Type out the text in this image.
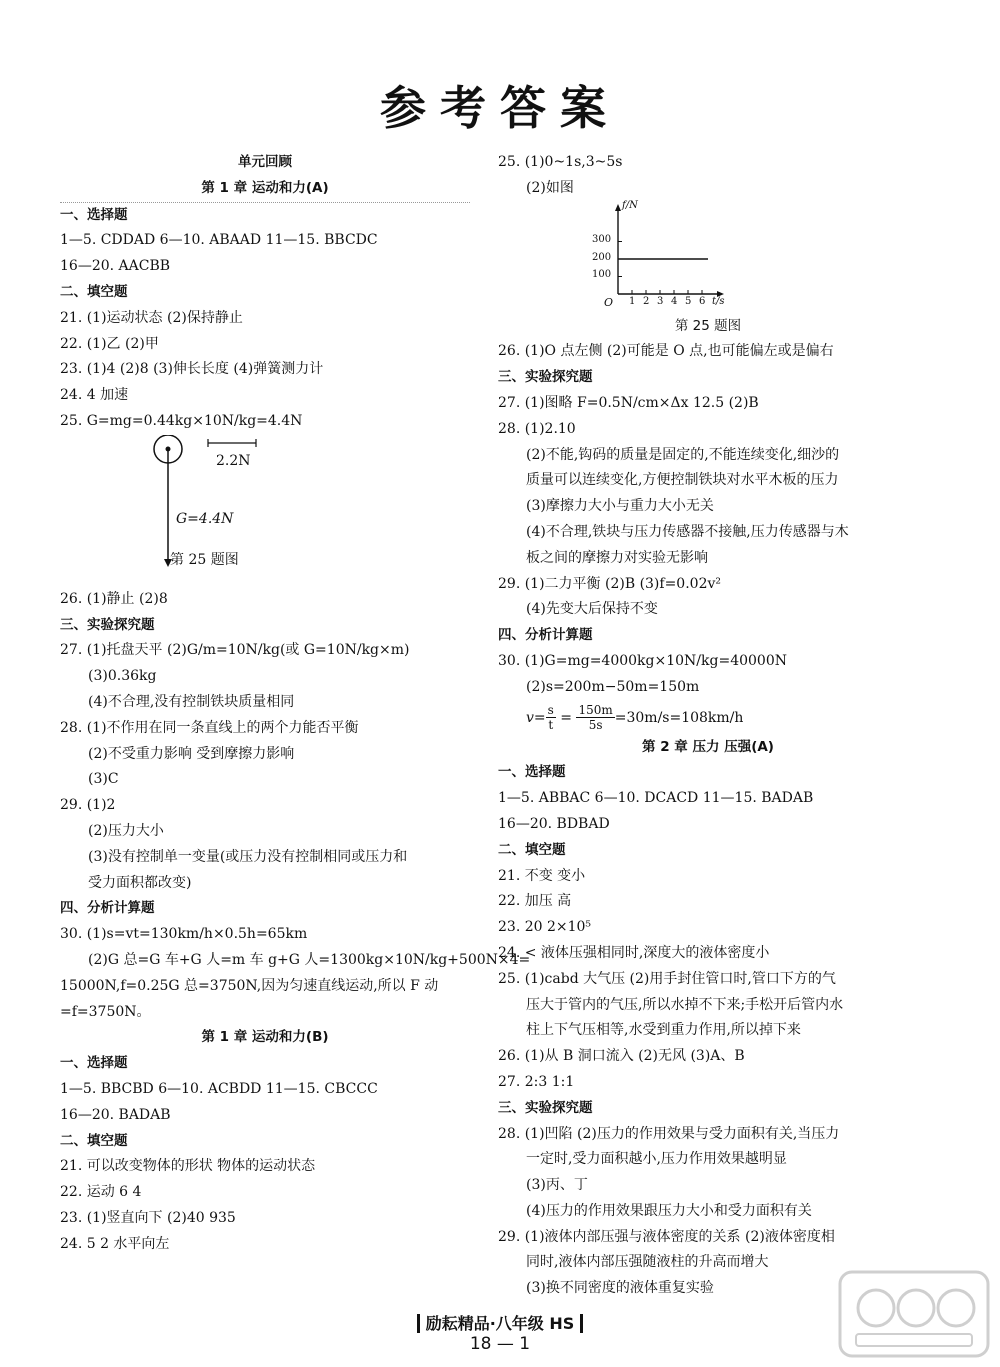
参考答案
单元回顾
第 1 章 运动和力(A)
一、选择题
1—5. CDDAD 6—10. ABAAD 11—15. BBCDC
16—20. AACBB
二、填空题
21. (1)运动状态 (2)保持静止
22. (1)乙 (2)甲
23. (1)4 (2)8 (3)伸长长度 (4)弹簧测力计
24. 4 加速
25. G=mg=0.44kg×10N/kg=4.4N
2.2N
G=4.4N
第 25 题图
26. (1)静止 (2)8
三、实验探究题
27. (1)托盘天平 (2)G/m=10N/kg(或 G=10N/kg×m)
(3)0.36kg
(4)不合理,没有控制铁块质量相同
28. (1)不作用在同一条直线上的两个力能否平衡
(2)不受重力影响 受到摩擦力影响
(3)C
29. (1)2
(2)压力大小
(3)没有控制单一变量(或压力没有控制相同或压力和
受力面积都改变)
四、分析计算题
30. (1)s=vt=130km/h×0.5h=65km
(2)G 总=G 车+G 人=m 车 g+G 人=1300kg×10N/kg+500N×4=
15000N,f=0.25G 总=3750N,因为匀速直线运动,所以 F 动
=f=3750N。
第 1 章 运动和力(B)
一、选择题
1—5. BBCBD 6—10. ACBDD 11—15. CBCCC
16—20. BADAB
二、填空题
21. 可以改变物体的形状 物体的运动状态
22. 运动 6 4
23. (1)竖直向下 (2)40 935
24. 5 2 水平向左
25. (1)0~1s,3~5s
(2)如图
f/N
t/s
O
300
200
100
1 2 3 4 5 6
第 25 题图
26. (1)O 点左侧 (2)可能是 O 点,也可能偏左或是偏右
三、实验探究题
27. (1)图略 F=0.5N/cm×Δx 12.5 (2)B
28. (1)2.10
(2)不能,钩码的质量是固定的,不能连续变化,细沙的
质量可以连续变化,方便控制铁块对水平木板的压力
(3)摩擦力大小与重力大小无关
(4)不合理,铁块与压力传感器不接触,压力传感器与木
板之间的摩擦力对实验无影响
29. (1)二力平衡 (2)B (3)f=0.02v²
(4)先变大后保持不变
四、分析计算题
30. (1)G=mg=4000kg×10N/kg=40000N
(2)s=200m−50m=150m
$v= \frac{s}{t} = \frac{150m}{5s} =30m/s=108km/h$
第 2 章 压力 压强(A)
一、选择题
1—5. ABBAC 6—10. DCACD 11—15. BADAB
16—20. BDBAD
二、填空题
21. 不变 变小
22. 加压 高
23. 20 2×10⁵
24. < 液体压强相同时,深度大的液体密度小
25. (1)cabd 大气压 (2)用手封住管口时,管口下方的气
压大于管内的气压,所以水掉不下来;手松开后管内水
柱上下气压相等,水受到重力作用,所以掉下来
26. (1)从 B 洞口流入 (2)无风 (3)A、B
27. 2:3 1:1
三、实验探究题
28. (1)凹陷 (2)压力的作用效果与受力面积有关,当压力
一定时,受力面积越小,压力作用效果越明显
(3)丙、丁
(4)压力的作用效果跟压力大小和受力面积有关
29. (1)液体内部压强与液体密度的关系 (2)液体密度相
同时,液体内部压强随液柱的升高而增大
(3)换不同密度的液体重复实验
励耘精品·八年级 HS
18 — 1
